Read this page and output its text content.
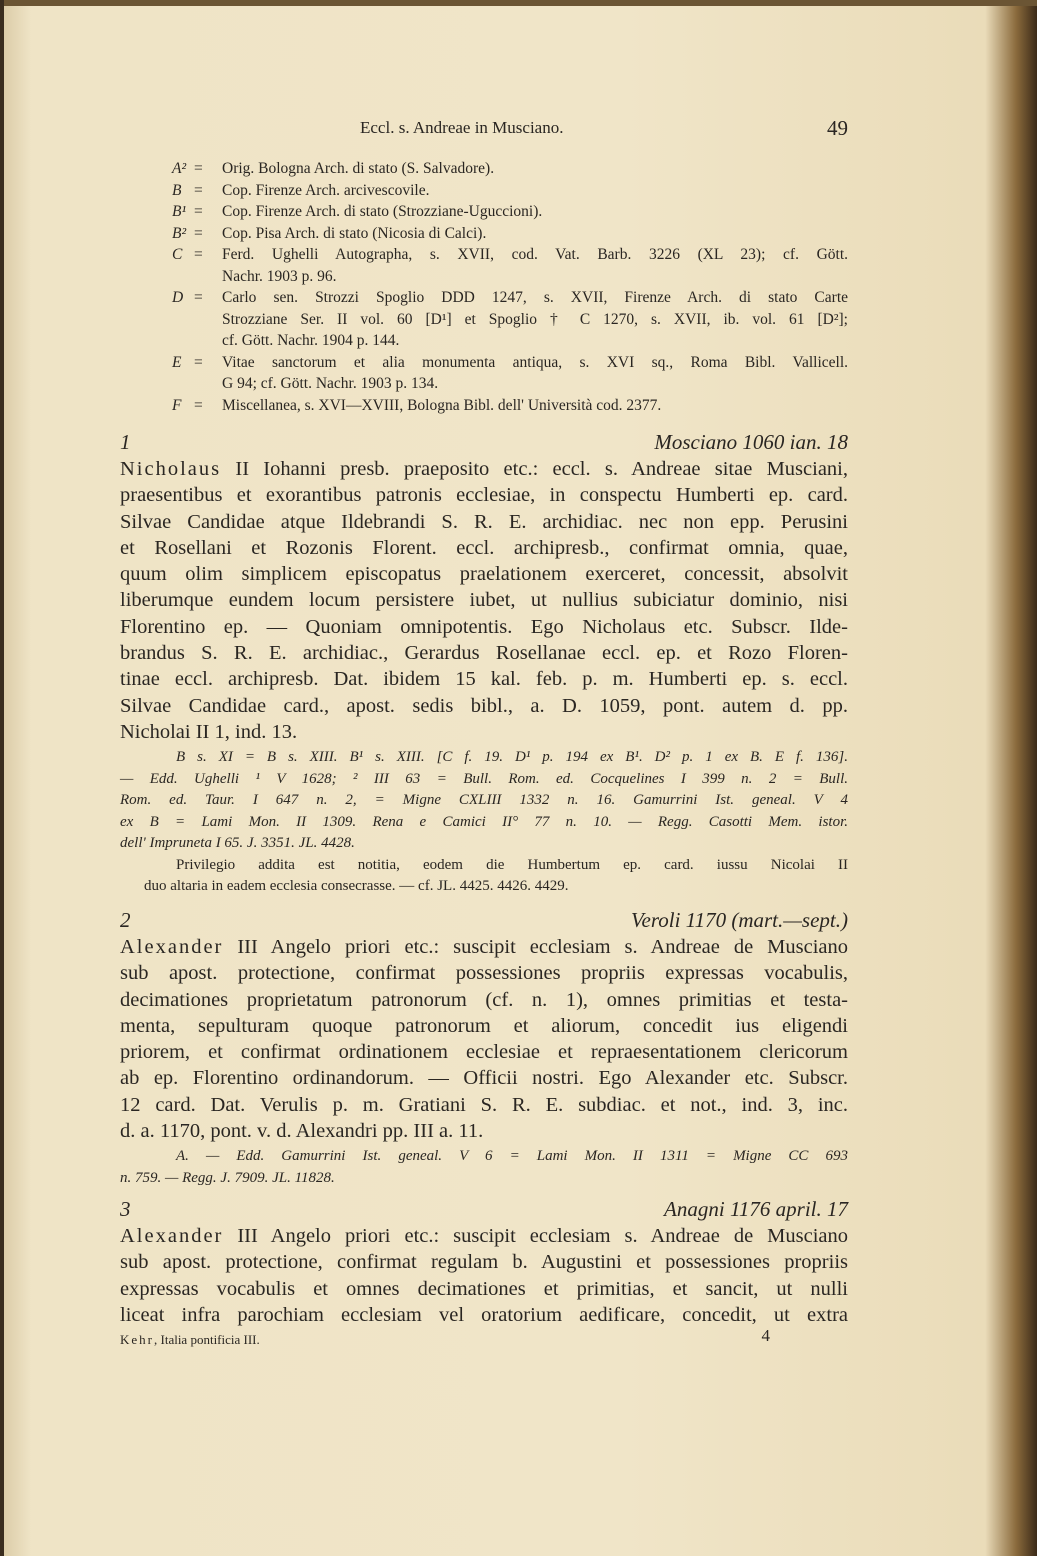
Eccl. s. Andreae in Musciano.	49
A² = Orig. Bologna Arch. di stato (S. Salvadore).
B = Cop. Firenze Arch. arcivescovile.
B¹ = Cop. Firenze Arch. di stato (Strozziane-Uguccioni).
B² = Cop. Pisa Arch. di stato (Nicosia di Calci).
C = Ferd. Ughelli Autographa, s. XVII, cod. Vat. Barb. 3226 (XL 23); cf. Gött.
Nachr. 1903 p. 96.
D = Carlo sen. Strozzi Spoglio DDD 1247, s. XVII, Firenze Arch. di stato Carte
Strozziane Ser. II vol. 60 [D¹] et Spoglio † C 1270, s. XVII, ib. vol. 61 [D²];
cf. Gött. Nachr. 1904 p. 144.
E = Vitae sanctorum et alia monumenta antiqua, s. XVI sq., Roma Bibl. Vallicell.
G 94; cf. Gött. Nachr. 1903 p. 134.
F = Miscellanea, s. XVI—XVIII, Bologna Bibl. dell' Università cod. 2377.
1	Mosciano 1060 ian. 18
Nicholaus II Iohanni presb. praeposito etc.: eccl. s. Andreae sitae Musciani,
praesentibus et exorantibus patronis ecclesiae, in conspectu Humberti ep. card.
Silvae Candidae atque Ildebrandi S. R. E. archidiac. nec non epp. Perusini
et Rosellani et Rozonis Florent. eccl. archipresb., confirmat omnia, quae,
quum olim simplicem episcopatus praelationem exerceret, concessit, absolvit
liberumque eundem locum persistere iubet, ut nullius subiciatur dominio, nisi
Florentino ep. — Quoniam omnipotentis. Ego Nicholaus etc. Subscr. Ilde-
brandus S. R. E. archidiac., Gerardus Rosellanae eccl. ep. et Rozo Floren-
tinae eccl. archipresb. Dat. ibidem 15 kal. feb. p. m. Humberti ep. s. eccl.
Silvae Candidae card., apost. sedis bibl., a. D. 1059, pont. autem d. pp.
Nicholai II 1, ind. 13.
B s. XI = B s. XIII. B¹ s. XIII. [C f. 19. D¹ p. 194 ex B¹. D² p. 1 ex B. E f. 136].
— Edd. Ughelli ¹ V 1628; ² III 63 = Bull. Rom. ed. Cocquelines I 399 n. 2 = Bull.
Rom. ed. Taur. I 647 n. 2, = Migne CXLIII 1332 n. 16. Gamurrini Ist. geneal. V 4
ex B = Lami Mon. II 1309. Rena e Camici II° 77 n. 10. — Regg. Casotti Mem. istor.
dell' Impruneta I 65. J. 3351. JL. 4428.
Privilegio addita est notitia, eodem die Humbertum ep. card. iussu Nicolai II
duo altaria in eadem ecclesia consecrasse. — cf. JL. 4425. 4426. 4429.
2	Veroli 1170 (mart.—sept.)
Alexander III Angelo priori etc.: suscipit ecclesiam s. Andreae de Musciano
sub apost. protectione, confirmat possessiones propriis expressas vocabulis,
decimationes proprietatum patronorum (cf. n. 1), omnes primitias et testa-
menta, sepulturam quoque patronorum et aliorum, concedit ius eligendi
priorem, et confirmat ordinationem ecclesiae et repraesentationem clericorum
ab ep. Florentino ordinandorum. — Officii nostri. Ego Alexander etc. Subscr.
12 card. Dat. Verulis p. m. Gratiani S. R. E. subdiac. et not., ind. 3, inc.
d. a. 1170, pont. v. d. Alexandri pp. III a. 11.
A. — Edd. Gamurrini Ist. geneal. V 6 = Lami Mon. II 1311 = Migne CC 693
n. 759. — Regg. J. 7909. JL. 11828.
3	Anagni 1176 april. 17
Alexander III Angelo priori etc.: suscipit ecclesiam s. Andreae de Musciano
sub apost. protectione, confirmat regulam b. Augustini et possessiones propriis
expressas vocabulis et omnes decimationes et primitias, et sancit, ut nulli
liceat infra parochiam ecclesiam vel oratorium aedificare, concedit, ut extra
Kehr, Italia pontificia III.	4
